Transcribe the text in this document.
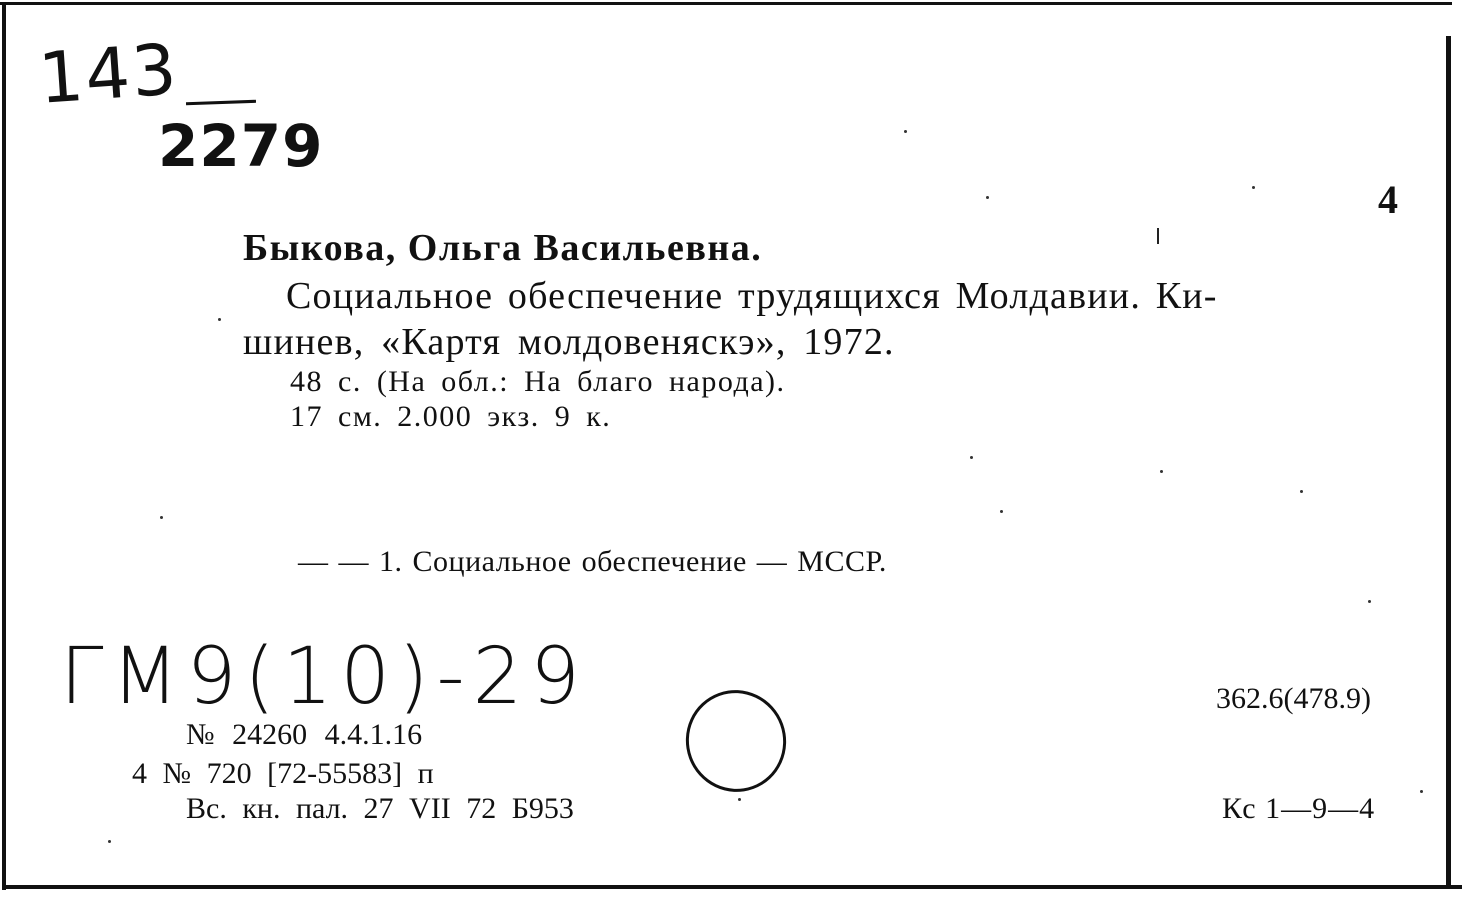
143
2279
4
Быкова, Ольга Васильевна.
Социальное обеспечение трудящихся Молдавии. Ки-
шинев, «Картя молдовеняскэ», 1972.
48 с. (На обл.: На благо народа).
17 см. 2.000 экз. 9 к.
— — 1. Социальное обеспечение — МССР.
ГМ9(10)-29	362.6(478.9)
№ 24260 4.4.1.16
4 № 720 [72-55583] п
Вс. кн. пал. 27 VII 72 Б953	Кс 1—9—4
